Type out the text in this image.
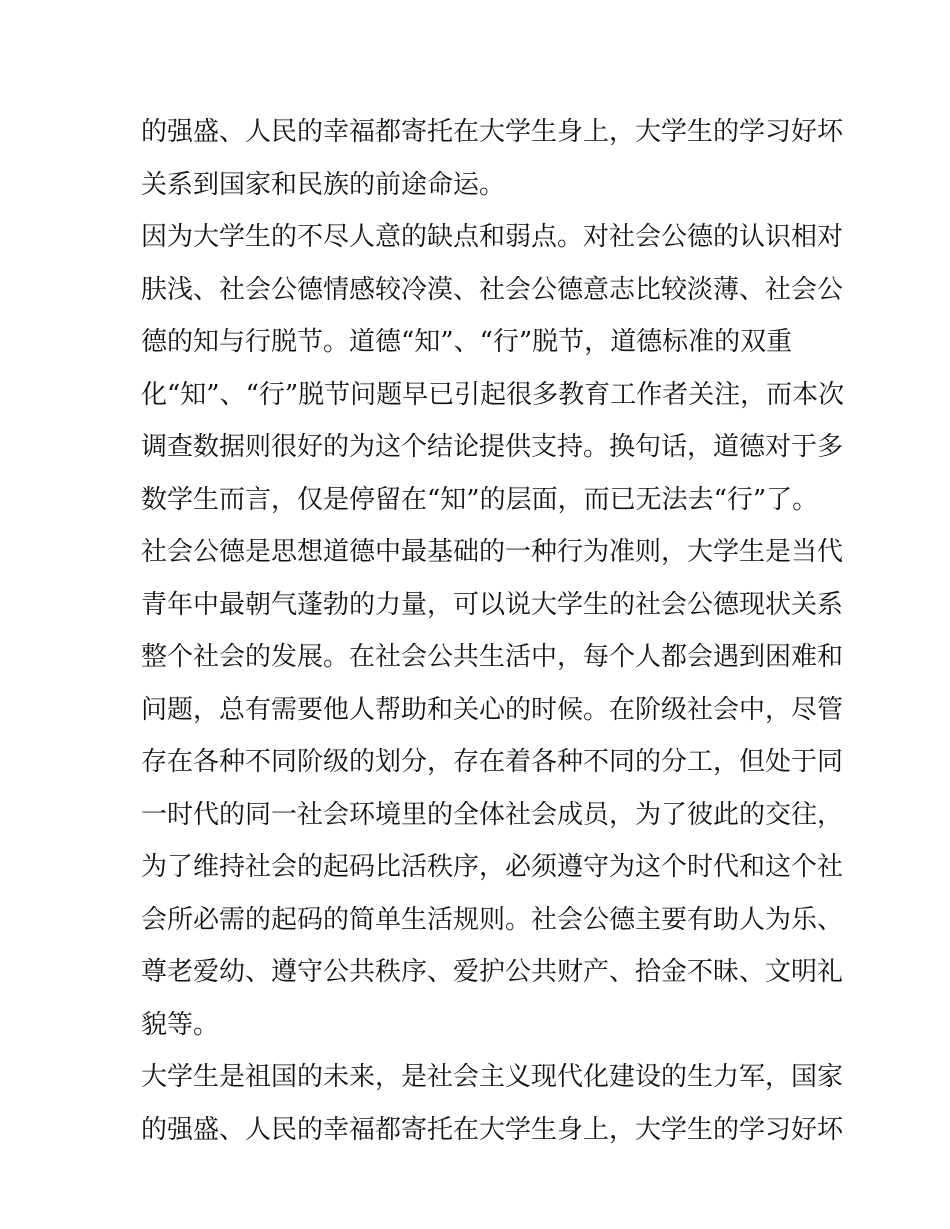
的强盛、人民的幸福都寄托在大学生身上，大学生的学习好坏
关系到国家和民族的前途命运。
因为大学生的不尽人意的缺点和弱点。对社会公德的认识相对
肤浅、社会公德情感较冷漠、社会公德意志比较淡薄、社会公
德的知与行脱节。道德“知”、“行”脱节，道德标准的双重
化“知”、“行”脱节问题早已引起很多教育工作者关注，而本次
调查数据则很好的为这个结论提供支持。换句话，道德对于多
数学生而言，仅是停留在“知”的层面，而已无法去“行”了。
社会公德是思想道德中最基础的一种行为准则，大学生是当代
青年中最朝气蓬勃的力量，可以说大学生的社会公德现状关系
整个社会的发展。在社会公共生活中，每个人都会遇到困难和
问题，总有需要他人帮助和关心的时候。在阶级社会中，尽管
存在各种不同阶级的划分，存在着各种不同的分工，但处于同
一时代的同一社会环境里的全体社会成员，为了彼此的交往，
为了维持社会的起码比活秩序，必须遵守为这个时代和这个社
会所必需的起码的简单生活规则。社会公德主要有助人为乐、
尊老爱幼、遵守公共秩序、爱护公共财产、拾金不昧、文明礼
貌等。
大学生是祖国的未来，是社会主义现代化建设的生力军，国家
的强盛、人民的幸福都寄托在大学生身上，大学生的学习好坏
